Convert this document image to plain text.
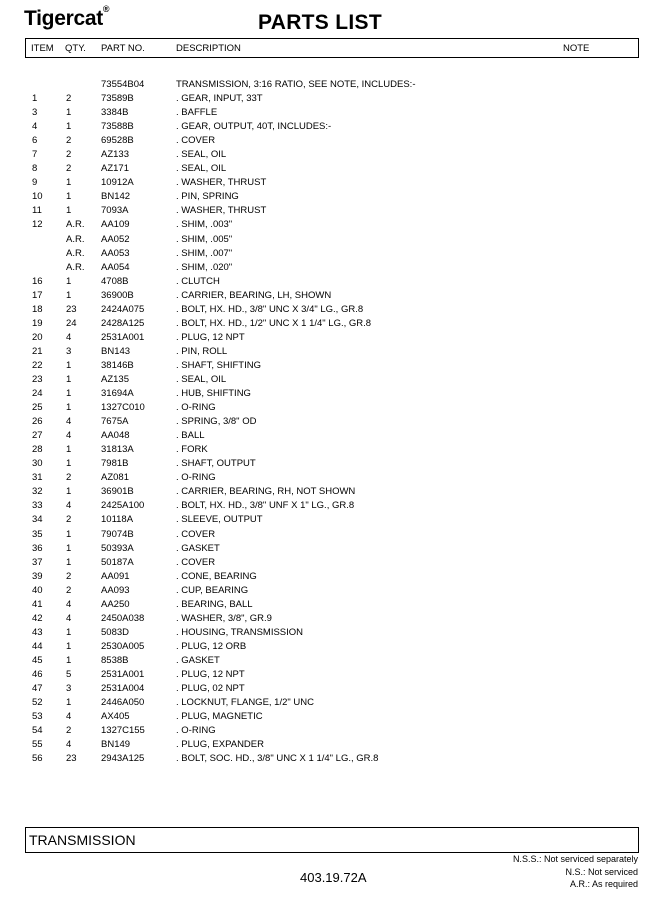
Tigercat®
PARTS LIST
ITEM QTY. PART NO.	DESCRIPTION	NOTE
73554B04	TRANSMISSION, 3:16 RATIO, SEE NOTE, INCLUDES:-
1	2	73589B	. GEAR, INPUT, 33T
3	1	3384B	. BAFFLE
4	1	73588B	. GEAR, OUTPUT, 40T, INCLUDES:-
6	2	69528B	. COVER
7	2	AZ133	. SEAL, OIL
8	2	AZ171	. SEAL, OIL
9	1	10912A	. WASHER, THRUST
10 1	BN142	. PIN, SPRING
11	1	7093A	. WASHER, THRUST
12 A.R. AA109	. SHIM, .003"
A.R. AA052	. SHIM, .005"
A.R. AA053	. SHIM, .007"
A.R. AA054	. SHIM, .020"
16 1	4708B	. CLUTCH
17 1	36900B	. CARRIER, BEARING, LH, SHOWN
18 23	2424A075	. BOLT, HX. HD., 3/8" UNC X 3/4" LG., GR.8
19 24	2428A125	. BOLT, HX. HD., 1/2" UNC X 1 1/4" LG., GR.8
20 4	2531A001	. PLUG, 12 NPT
21 3	BN143	. PIN, ROLL
22 1	38146B	. SHAFT, SHIFTING
23 1	AZ135	. SEAL, OIL
24 1	31694A	. HUB, SHIFTING
25 1	1327C010	. O-RING
26 4	7675A	. SPRING, 3/8" OD
27 4	AA048	. BALL
28 1	31813A	. FORK
30 1	7981B	. SHAFT, OUTPUT
31 2	AZ081	. O-RING
32 1	36901B	. CARRIER, BEARING, RH, NOT SHOWN
33 4	2425A100	. BOLT, HX. HD., 3/8" UNF X 1" LG., GR.8
34 2	10118A	. SLEEVE, OUTPUT
35 1	79074B	. COVER
36 1	50393A	. GASKET
37 1	50187A	. COVER
39 2	AA091	. CONE, BEARING
40 2	AA093	. CUP, BEARING
41 4	AA250	. BEARING, BALL
42 4	2450A038	. WASHER, 3/8", GR.9
43 1	5083D	. HOUSING, TRANSMISSION
44 1	2530A005	. PLUG, 12 ORB
45 1	8538B	. GASKET
46 5	2531A001	. PLUG, 12 NPT
47 3	2531A004	. PLUG, 02 NPT
52 1	2446A050	. LOCKNUT, FLANGE, 1/2" UNC
53 4	AX405	. PLUG, MAGNETIC
54 2	1327C155	. O-RING
55 4	BN149	. PLUG, EXPANDER
56 23	2943A125	. BOLT, SOC. HD., 3/8" UNC X 1 1/4" LG., GR.8
TRANSMISSION
403.19.72A
N.S.S.: Not serviced separately
N.S.: Not serviced
A.R.: As required
